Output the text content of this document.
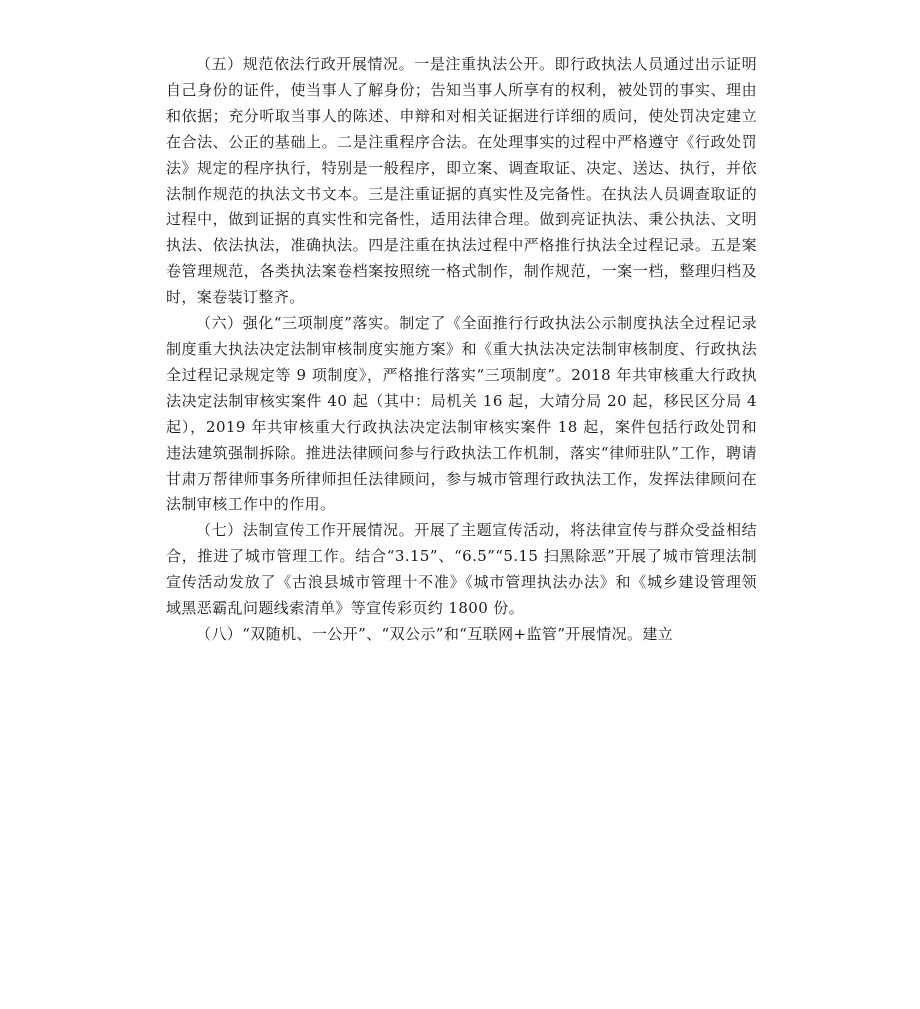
（五）规范依法行政开展情况。一是注重执法公开。即行政执法人员通过出示证明自己身份的证件，使当事人了解身份；告知当事人所享有的权利，被处罚的事实、理由和依据；充分听取当事人的陈述、申辩和对相关证据进行详细的质问，使处罚决定建立在合法、公正的基础上。二是注重程序合法。在处理事实的过程中严格遵守《行政处罚法》规定的程序执行，特别是一般程序，即立案、调查取证、决定、送达、执行，并依法制作规范的执法文书文本。三是注重证据的真实性及完备性。在执法人员调查取证的过程中，做到证据的真实性和完备性，适用法律合理。做到亮证执法、秉公执法、文明执法、依法执法，准确执法。四是注重在执法过程中严格推行执法全过程记录。五是案卷管理规范，各类执法案卷档案按照统一格式制作，制作规范，一案一档，整理归档及时，案卷装订整齐。

（六）强化“三项制度”落实。制定了《全面推行行政执法公示制度执法全过程记录制度重大执法决定法制审核制度实施方案》和《重大执法决定法制审核制度、行政执法全过程记录规定等 9 项制度》，严格推行落实“三项制度”。2018 年共审核重大行政执法决定法制审核实案件 40 起（其中：局机关 16 起，大靖分局 20 起，移民区分局 4 起），2019 年共审核重大行政执法决定法制审核实案件 18 起，案件包括行政处罚和违法建筑强制拆除。推进法律顾问参与行政执法工作机制，落实“律师驻队”工作，聘请甘肃万帮律师事务所律师担任法律顾问，参与城市管理行政执法工作，发挥法律顾问在法制审核工作中的作用。

（七）法制宣传工作开展情况。开展了主题宣传活动，将法律宣传与群众受益相结合，推进了城市管理工作。结合“3.15”、“6.5”“5.15 扫黑除恶”开展了城市管理法制宣传活动发放了《古浪县城市管理十不准》《城市管理执法办法》和《城乡建设管理领域黑恶霸乱问题线索清单》等宣传彩页约 1800 份。

（八）“双随机、一公开”、“双公示”和“互联网+监管”开展情况。建立
